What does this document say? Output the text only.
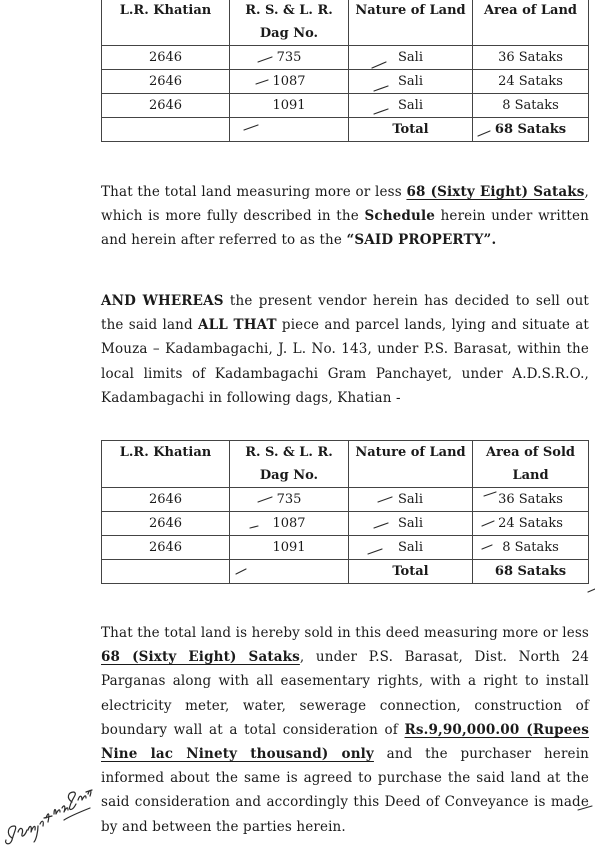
L.R. Khatian	R. S. & L. R. Dag No.	Nature of Land	Area of Land
2646	735	Sali	36 Sataks
2646	1087	Sali	24 Sataks
2646	1091	Sali	8 Sataks
		Total	68 Sataks

That the total land measuring more or less 68 (Sixty Eight) Sataks, which is more fully described in the Schedule herein under written and herein after referred to as the “SAID PROPERTY”.

AND WHEREAS the present vendor herein has decided to sell out the said land ALL THAT piece and parcel lands, lying and situate at Mouza – Kadambagachi, J. L. No. 143, under P.S. Barasat, within the local limits of Kadambagachi Gram Panchayet, under A.D.S.R.O., Kadambagachi in following dags, Khatian -

L.R. Khatian	R. S. & L. R. Dag No.	Nature of Land	Area of Sold Land
2646	735	Sali	36 Sataks
2646	1087	Sali	24 Sataks
2646	1091	Sali	8 Sataks
		Total	68 Sataks

That the total land is hereby sold in this deed measuring more or less 68 (Sixty Eight) Sataks, under P.S. Barasat, Dist. North 24 Parganas along with all easementary rights, with a right to install electricity meter, water, sewerage connection, construction of boundary wall at a total consideration of Rs.9,90,000.00 (Rupees Nine lac Ninety thousand) only and the purchaser herein informed about the same is agreed to purchase the said land at the said consideration and accordingly this Deed of Conveyance is made by and between the parties herein.
